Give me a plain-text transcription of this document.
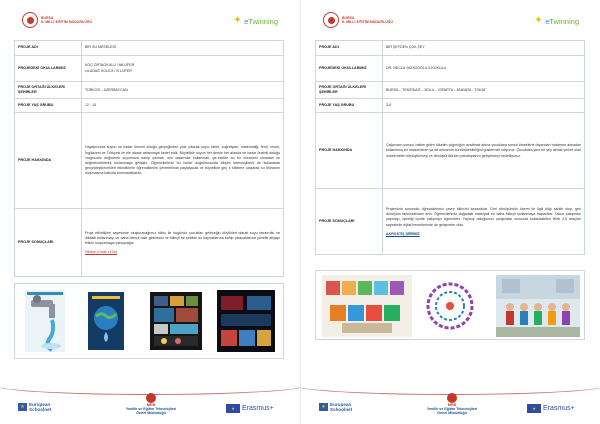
BURSA
İL MİLLİ EĞİTİM MÜDÜRLÜĞÜ	✦ eTwinning
PROJE ADI	BİR SU MESELESİ
PROJEDEKİ OKULLARIMIZ	KOÇ ORTAOKULU / NİLÜFER
ULUDAĞ KOLEJİ / N LÜFER
PROJE ORTAĞI ÜLKELER/ŞEHİRLER	TÜRKİYE - AZERBAYCAN
PROJE YAŞ GRUBU	12 - 15
PROJE HAKKINDA	Hayatımızda suyun ne kadar önemli olduğu gerçeğinden yola çıkarak suyu; tarihi, coğrafyası, matematiği, fenti, resmi, İngilizcesi ve Türkçesi ile ele alarak aktarmaya hedef edik. Böylelikle suyun her dersle her alanda ne kadar önemli olduğu vurgusunu değinerek suyumuza sahip çıkmak, onu tasarrufla kullanmak, ge-ecekte su bir meselesi olmadan ve değerlendirilerek kullanmaya gelişsin. Öğrencilerimiz bu hedef doğrultusunda bilişim teknolojilerini de kullanarak gerçekleştirecekleri etkinliklerle öğrendiklerini çevrelerinde paylaşacak ve böylelikle geç s kitlelere ulaşarak su bilincinin oluşmasına katkıda bulunacaklardır.
PROJE SONUÇLARI	Proje etkinlikleri sayesinde oluşturacağımız bilinç ile bugünün çocukları geleceğin büyükleri olarak suyu tasarruflu ve dikkatli kullanmayı ve daha bilinçli hale gelmesini ve bilinçli bir şekilde su kaynaklarına sahip çıkacaklarına yönelik altyapı bilinci oluşturmaya çalışacağız.
Hikâye (Ortak Ürün)
★ European
Schoolnet
MEB
Yenilik ve Eğitim Teknolojileri
Genel Müdürlüğü
★	Erasmus+
BURSA
İL MİLLİ EĞİTİM MÜDÜRLÜĞÜ	✦ eTwinning
PROJE ADI	BİR ŞEYDEN ÇOK ŞEY
PROJEDEKİ OKULLARIMIZ	DR. NECLA YAZICIOĞLU İLKOKULU
PROJE ORTAĞI ÜLKELER/ŞEHİRLER	BURSA – TEKİRDAĞ – BOLU – ISPARTA – ANKARA - TOKAT
PROJE YAŞ GRUBU	3-6
PROJE HAKKINDA	Çağımızın sorunu haline gelen tüketim çılgınlığını azaltmak adına çocuklara somut örneklerle dışarıdan malzeme almadan kullanılmış bir malzemenin ya da nesnenin sürdürülebilirliğini göstermek istiyoruz. Çocuklara yeni bir şey almak yerine olan malzemeleri dönüştürmeyi ve dönüştürülürken paratoplarını geliştirmeyi hedefliyoruz.
PROJE SONUÇLARI	Projemizin sonunda; öğrencilerimiz çevre bilincini kazandılar. Geri dönüşümün önemi ile ilgili bilgi sahibi olup, geri dönüşüm farkındalıkları arttı. Öğrencilerimiz doğadaki materyali en daha bilinçli kullanmaya başladılar. Takım çalışması yapmayı, işbirliği içinde çalışmayı öğrendiler. Yapmış olduğumuz çalışmalar sonunda kullanılabilen Web 2.0 araçları sayesinde dijital becerilerinde de gelişmeler oldu.
AKROSTİŞ ŞİİRİMİZ
★ European
Schoolnet
MEB
Yenilik ve Eğitim Teknolojileri
Genel Müdürlüğü
★	Erasmus+
